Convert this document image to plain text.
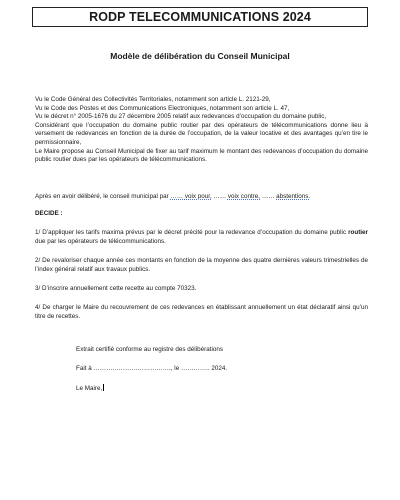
RODP TELECOMMUNICATIONS 2024
Modèle de délibération du Conseil Municipal
Vu le Code Général des Collectivités Territoriales, notamment son article L. 2121-29,
Vu le Code des Postes et des Communications Electroniques, notamment son article L. 47,
Vu le décret n° 2005-1676 du 27 décembre 2005 relatif aux redevances d’occupation du domaine public,
Considérant que l’occupation du domaine public routier par des opérateurs de télécommunications donne lieu à versement de redevances en fonction de la durée de l’occupation, de la valeur locative et des avantages qu’en tire le permissionnaire,
Le Maire propose au Conseil Municipal de fixer au tarif maximum le montant des redevances d’occupation du domaine public routier dues par les opérateurs de télécommunications.
Après en avoir délibéré, le conseil municipal par …… voix pour, …… voix contre, …… abstentions.
DECIDE :
1/ D’appliquer les tarifs maxima prévus par le décret précité pour la redevance d’occupation du domaine public routier due par les opérateurs de télécommunications.
2/ De revaloriser chaque année ces montants en fonction de la moyenne des quatre dernières valeurs trimestrielles de l’index général relatif aux travaux publics.
3/ D’inscrire annuellement cette recette au compte 70323.
4/ De charger le Maire du recouvrement de ces redevances en établissant annuellement un état déclaratif ainsi qu’un titre de recettes.
Extrait certifié conforme au registre des délibérations
Fait à ………………………………., le ………….. 2024.
Le Maire,
